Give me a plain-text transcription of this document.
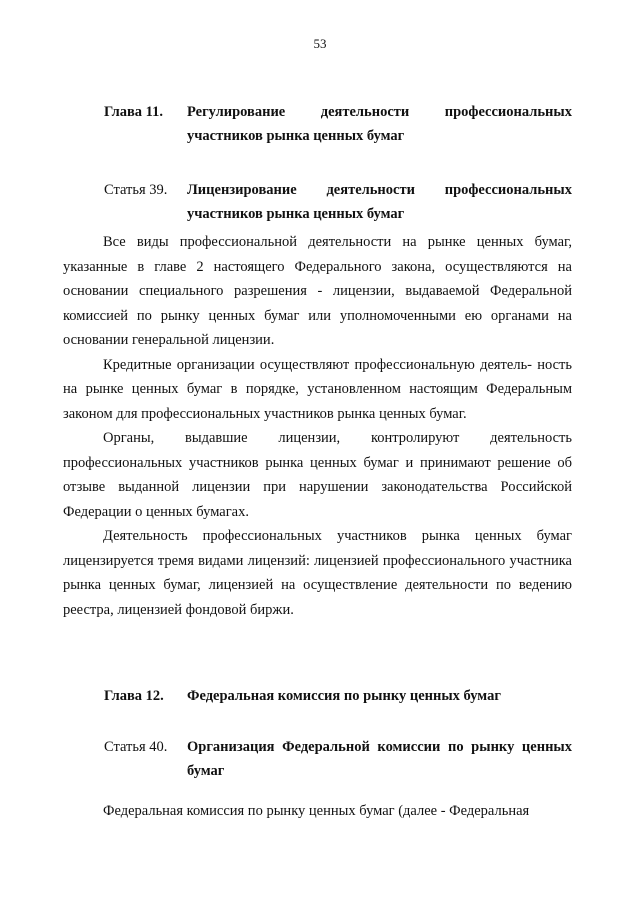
53
Глава 11. Регулирование деятельности профессиональных участников рынка ценных бумаг
Статья 39. Лицензирование деятельности профессиональных участников рынка ценных бумаг

Все виды профессиональной деятельности на рынке ценных бумаг, указанные в главе 2 настоящего Федерального закона, осуществляются на основании специального разрешения - лицензии, выдаваемой Федеральной комиссией по рынку ценных бумаг или уполномоченными ею органами на основании генеральной лицензии.

Кредитные организации осуществляют профессиональную деятель- ность на рынке ценных бумаг в порядке, установленном настоящим Федеральным законом для профессиональных участников рынка ценных бумаг.

Органы, выдавшие лицензии, контролируют деятельность профессиональных участников рынка ценных бумаг и принимают решение об отзыве выданной лицензии при нарушении законодательства Российской Федерации о ценных бумагах.

Деятельность профессиональных участников рынка ценных бумаг лицензируется тремя видами лицензий: лицензией профессионального участника рынка ценных бумаг, лицензией на осуществление деятельности по ведению реестра, лицензией фондовой биржи.

Глава 12. Федеральная комиссия по рынку ценных бумаг
Статья 40. Организация Федеральной комиссии по рынку ценных бумаг

Федеральная комиссия по рынку ценных бумаг (далее - Федеральная
